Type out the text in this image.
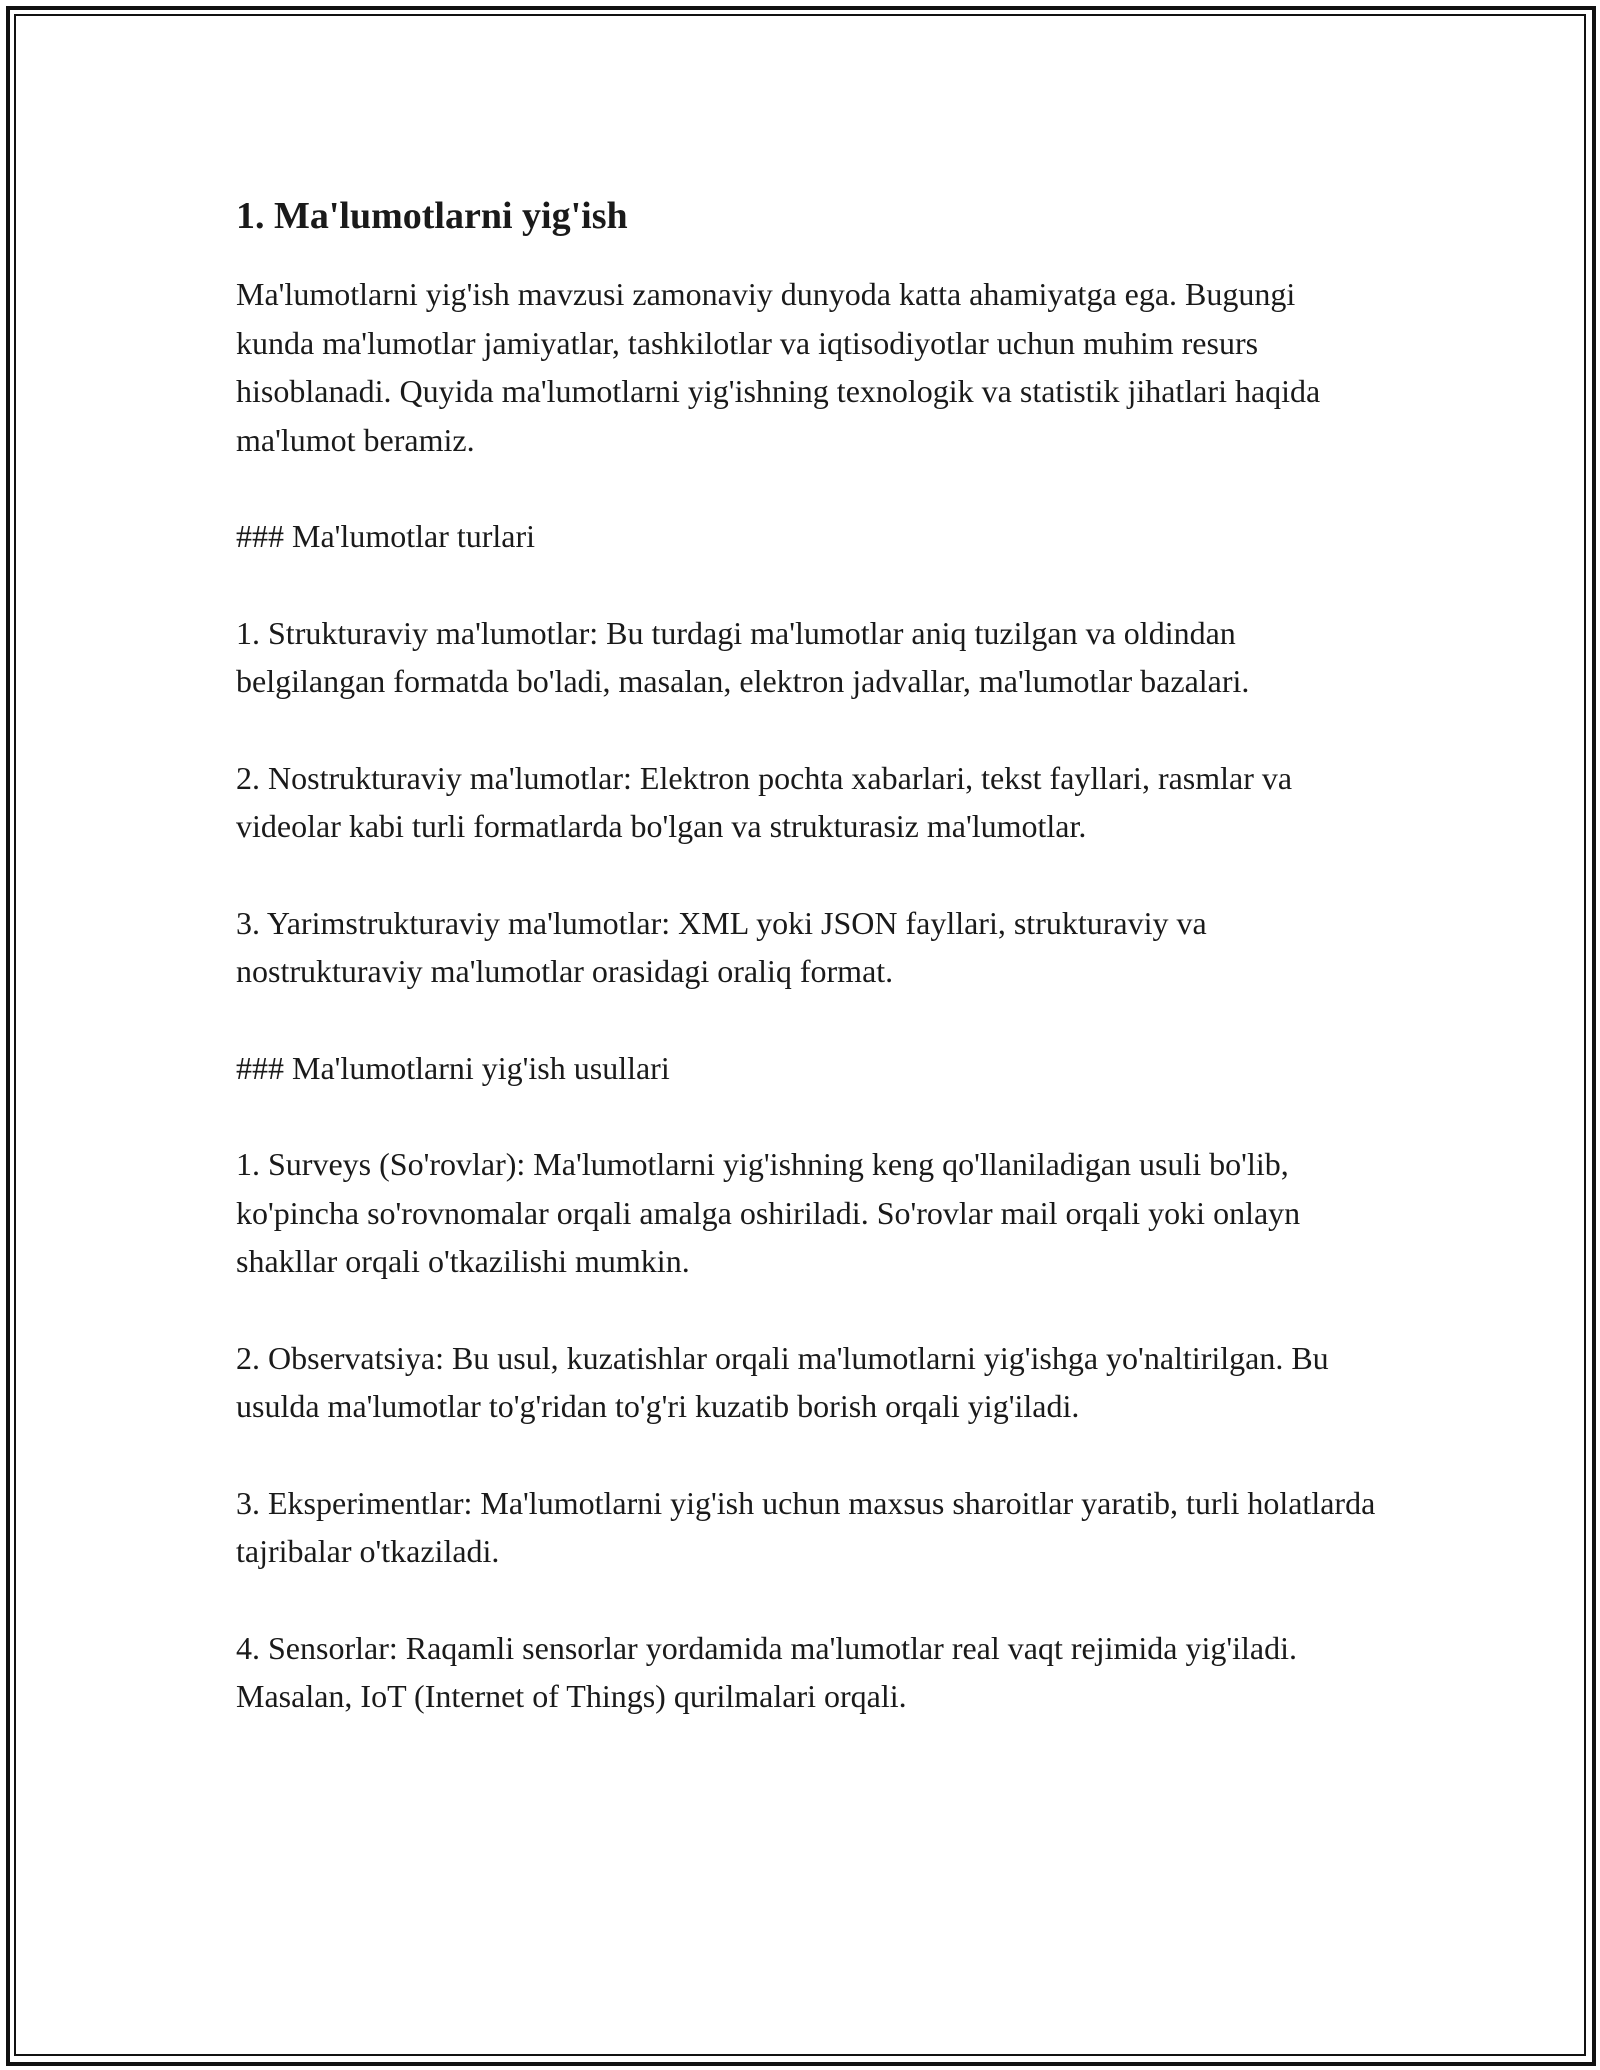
1. Ma'lumotlarni yig'ish

Ma'lumotlarni yig'ish mavzusi zamonaviy dunyoda katta ahamiyatga ega. Bugungi kunda ma'lumotlar jamiyatlar, tashkilotlar va iqtisodiyotlar uchun muhim resurs hisoblanadi. Quyida ma'lumotlarni yig'ishning texnologik va statistik jihatlari haqida ma'lumot beramiz.

### Ma'lumotlar turlari

1. Strukturaviy ma'lumotlar: Bu turdagi ma'lumotlar aniq tuzilgan va oldindan belgilangan formatda bo'ladi, masalan, elektron jadvallar, ma'lumotlar bazalari.

2. Nostrukturaviy ma'lumotlar: Elektron pochta xabarlari, tekst fayllari, rasmlar va videolar kabi turli formatlarda bo'lgan va strukturasiz ma'lumotlar.

3. Yarimstrukturaviy ma'lumotlar: XML yoki JSON fayllari, strukturaviy va nostrukturaviy ma'lumotlar orasidagi oraliq format.

### Ma'lumotlarni yig'ish usullari

1. Surveys (So'rovlar): Ma'lumotlarni yig'ishning keng qo'llaniladigan usuli bo'lib, ko'pincha so'rovnomalar orqali amalga oshiriladi. So'rovlar mail orqali yoki onlayn shakllar orqali o'tkazilishi mumkin.

2. Observatsiya: Bu usul, kuzatishlar orqali ma'lumotlarni yig'ishga yo'naltirilgan. Bu usulda ma'lumotlar to'g'ridan to'g'ri kuzatib borish orqali yig'iladi.

3. Eksperimentlar: Ma'lumotlarni yig'ish uchun maxsus sharoitlar yaratib, turli holatlarda tajribalar o'tkaziladi.

4. Sensorlar: Raqamli sensorlar yordamida ma'lumotlar real vaqt rejimida yig'iladi. Masalan, IoT (Internet of Things) qurilmalari orqali.
